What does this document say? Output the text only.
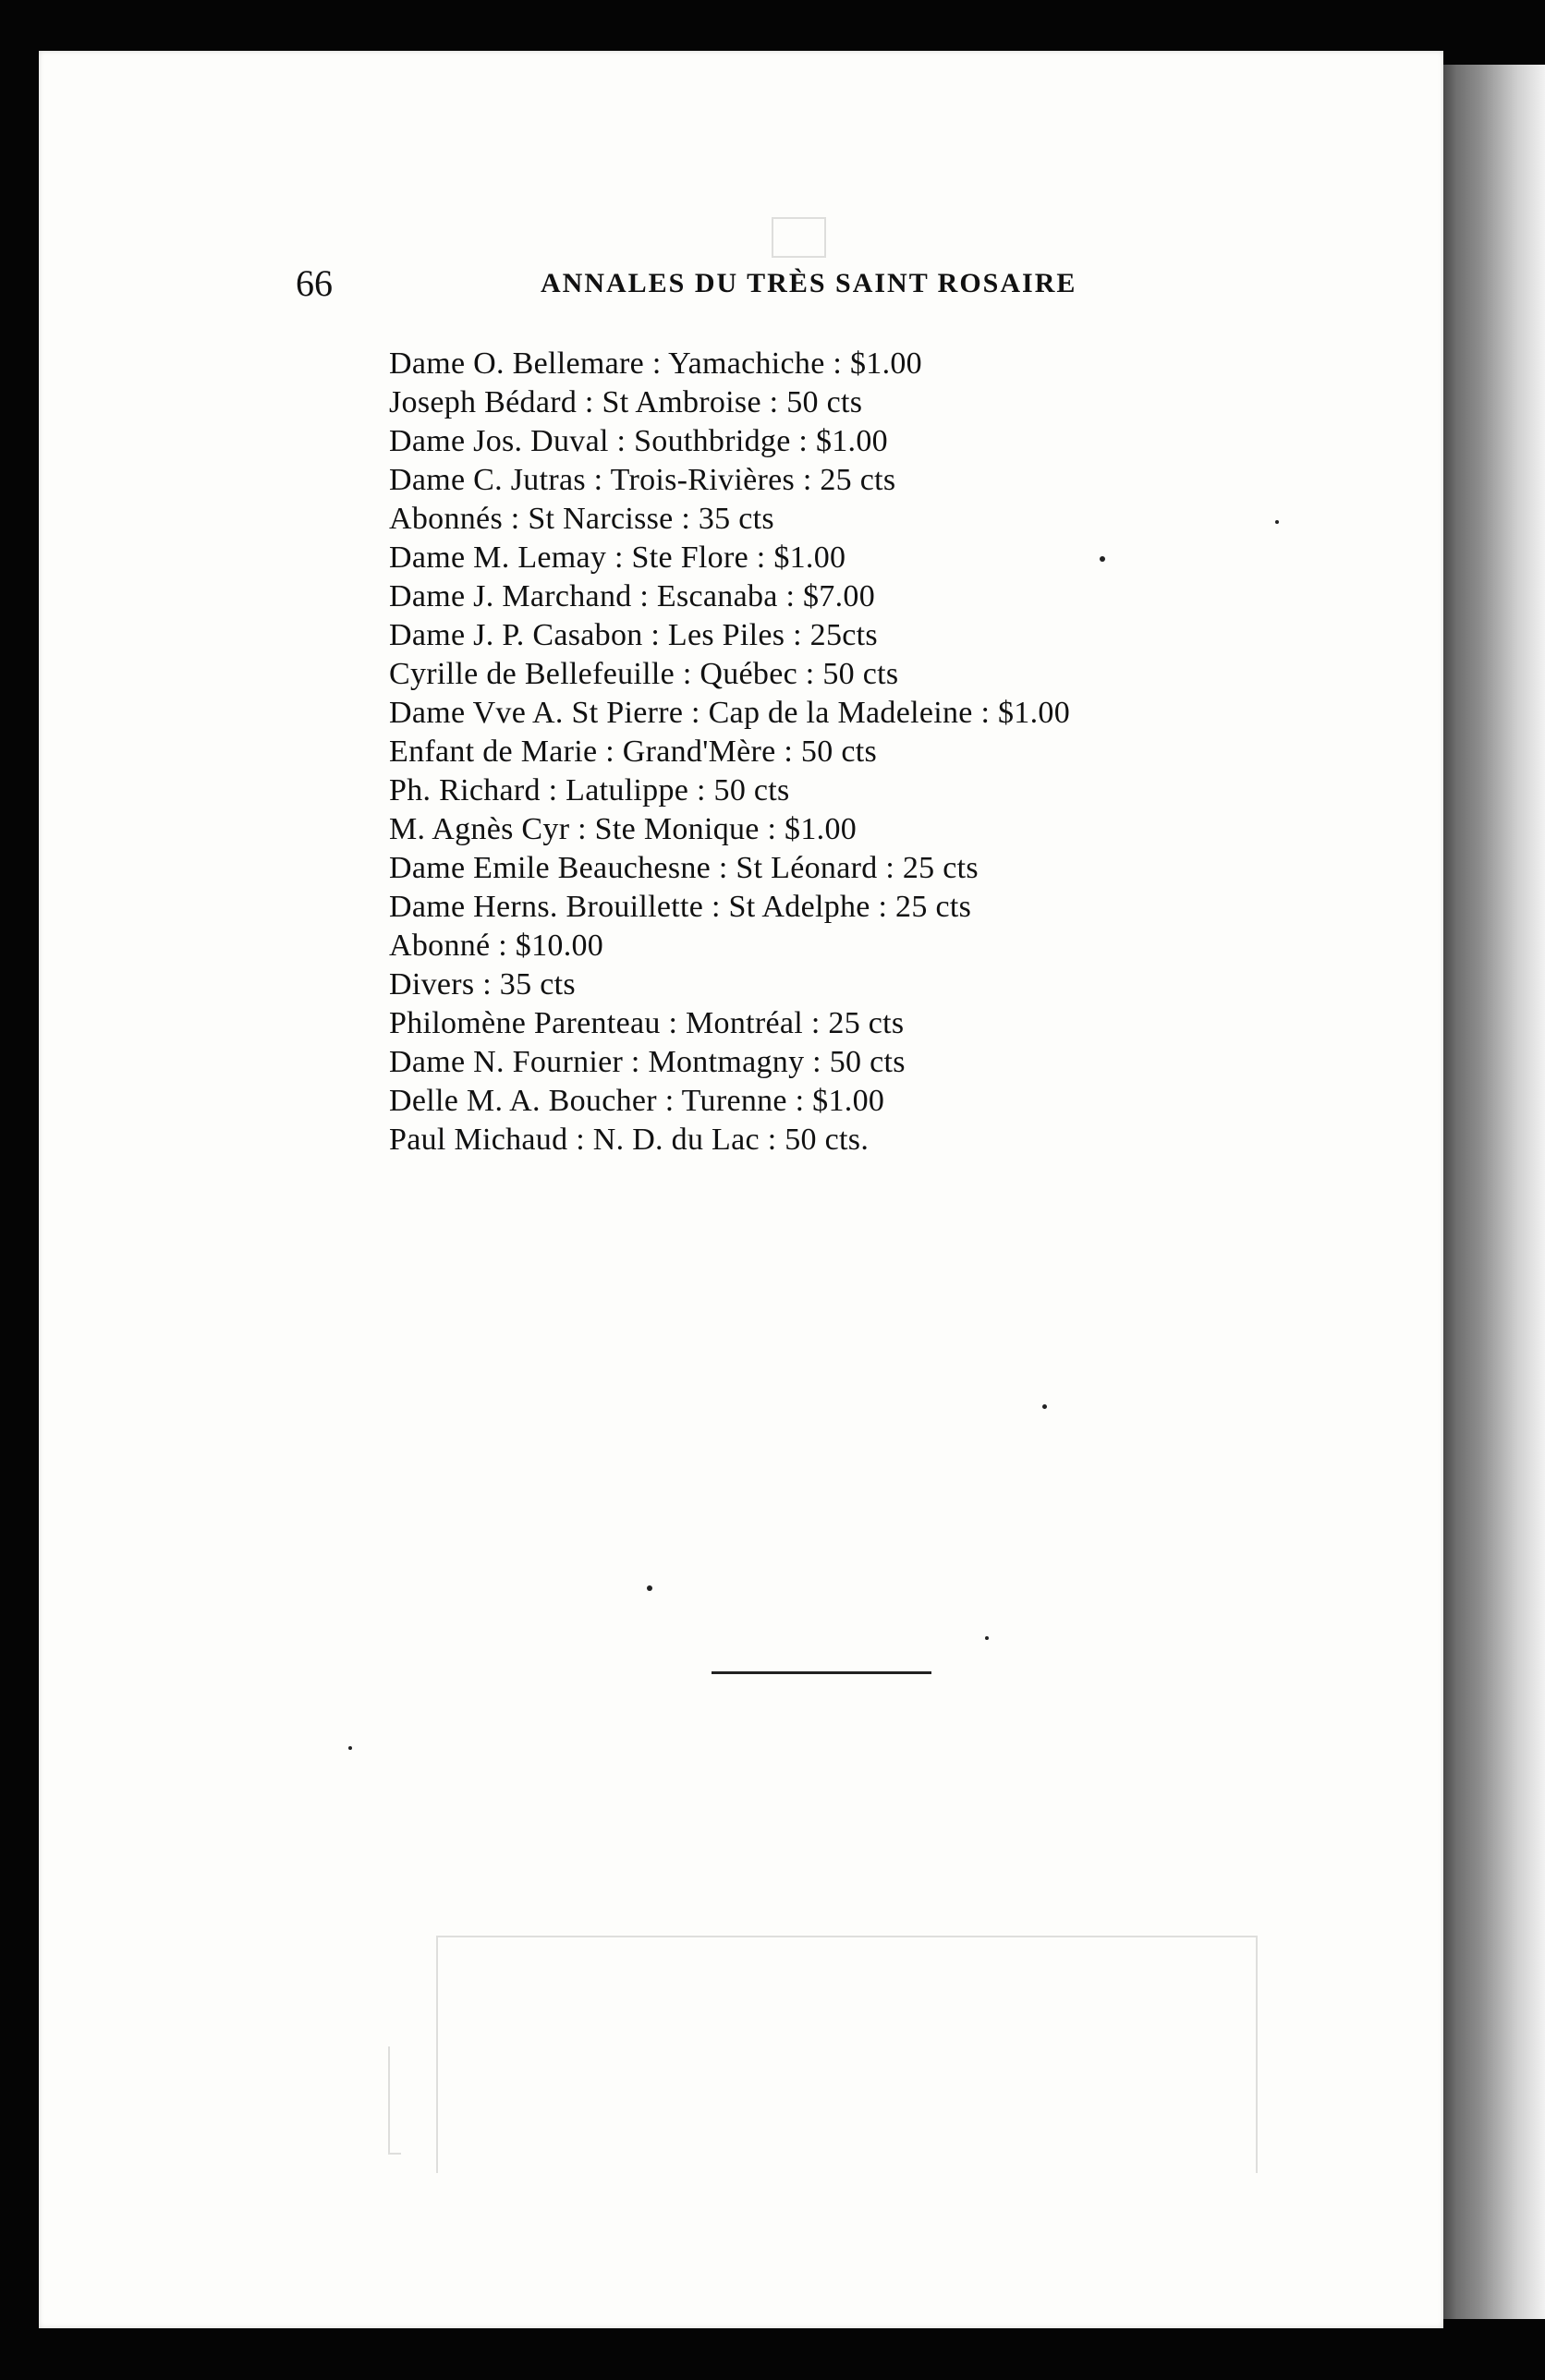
66	ANNALES DU TRÈS SAINT ROSAIRE
Dame O. Bellemare : Yamachiche : $1.00
Joseph Bédard : St Ambroise : 50 cts
Dame Jos. Duval : Southbridge : $1.00
Dame C. Jutras : Trois-Rivières : 25 cts
Abonnés : St Narcisse : 35 cts
Dame M. Lemay : Ste Flore : $1.00
Dame J. Marchand : Escanaba : $7.00
Dame J. P. Casabon : Les Piles : 25cts
Cyrille de Bellefeuille : Québec : 50 cts
Dame Vve A. St Pierre : Cap de la Madeleine : $1.00
Enfant de Marie : Grand'Mère : 50 cts
Ph. Richard : Latulippe : 50 cts
M. Agnès Cyr : Ste Monique : $1.00
Dame Emile Beauchesne : St Léonard : 25 cts
Dame Herns. Brouillette : St Adelphe : 25 cts
Abonné : $10.00
Divers : 35 cts
Philomène Parenteau : Montréal : 25 cts
Dame N. Fournier : Montmagny : 50 cts
Delle M. A. Boucher : Turenne : $1.00
Paul Michaud : N. D. du Lac : 50 cts.
